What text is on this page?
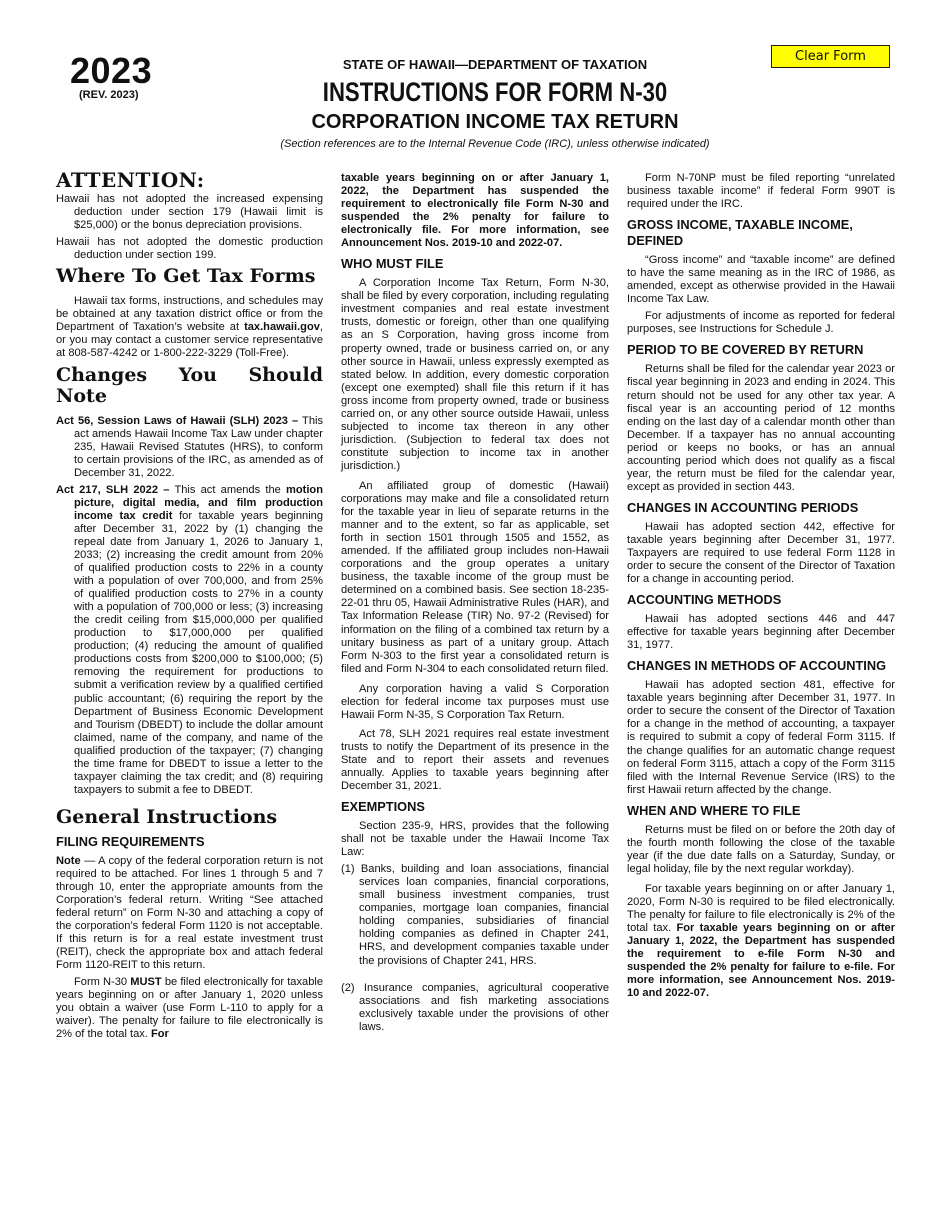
2023
(REV. 2023)
STATE OF HAWAII—DEPARTMENT OF TAXATION
INSTRUCTIONS FOR FORM N-30
CORPORATION INCOME TAX RETURN
(Section references are to the Internal Revenue Code (IRC), unless otherwise indicated)
Clear Form
ATTENTION:
Hawaii has not adopted the increased expensing deduction under section 179 (Hawaii limit is $25,000) or the bonus depreciation provisions.
Hawaii has not adopted the domestic production deduction under section 199.
Where To Get Tax Forms
Hawaii tax forms, instructions, and schedules may be obtained at any taxation district office or from the Department of Taxation’s website at tax.hawaii.gov, or you may contact a customer service representative at 808-587-4242 or 1-800-222-3229 (Toll-Free).
Changes You Should Note
Act 56, Session Laws of Hawaii (SLH) 2023 – This act amends Hawaii Income Tax Law under chapter 235, Hawaii Revised Statutes (HRS), to conform to certain provisions of the IRC, as amended as of December 31, 2022.
Act 217, SLH 2022 – This act amends the motion picture, digital media, and film production income tax credit for taxable years beginning after December 31, 2022 by (1) changing the repeal date from January 1, 2026 to January 1, 2033; (2) increasing the credit amount from 20% of qualified production costs to 22% in a county with a population of over 700,000, and from 25% of qualified production costs to 27% in a county with a population of 700,000 or less; (3) increasing the credit ceiling from $15,000,000 per qualified production to $17,000,000 per qualified production; (4) reducing the amount of qualified productions costs from $200,000 to $100,000; (5) removing the requirement for productions to submit a verification review by a qualified certified public accountant; (6) requiring the report by the Department of Business Economic Development and Tourism (DBEDT) to include the dollar amount claimed, name of the company, and name of the qualified production of the taxpayer; (7) changing the time frame for DBEDT to issue a letter to the taxpayer claiming the tax credit; and (8) requiring taxpayers to submit a fee to DBEDT.
General Instructions
FILING REQUIREMENTS
Note — A copy of the federal corporation return is not required to be attached. For lines 1 through 5 and 7 through 10, enter the appropriate amounts from the Corporation’s federal return. Writing “See attached federal return” on Form N-30 and attaching a copy of the corporation’s federal Form 1120 is not acceptable. If this return is for a real estate investment trust (REIT), check the appropriate box and attach federal Form 1120-REIT to this return.
Form N-30 MUST be filed electronically for taxable years beginning on or after January 1, 2020 unless you obtain a waiver (use Form L-110 to apply for a waiver). The penalty for failure to file electronically is 2% of the total tax. For
taxable years beginning on or after January 1, 2022, the Department has suspended the requirement to electronically file Form N-30 and suspended the 2% penalty for failure to electronically file. For more information, see Announcement Nos. 2019-10 and 2022-07.
WHO MUST FILE
A Corporation Income Tax Return, Form N-30, shall be filed by every corporation, including regulating investment companies and real estate investment trusts, domestic or foreign, other than one qualifying as an S Corporation, having gross income from property owned, trade or business carried on, or any other source in Hawaii, unless expressly exempted as stated below. In addition, every domestic corporation (except one exempted) shall file this return if it has gross income from property owned, trade or business carried on, or any other source outside Hawaii, unless subjected to income tax thereon in any other jurisdiction. (Subjection to federal tax does not constitute subjection to income tax in another jurisdiction.)
An affiliated group of domestic (Hawaii) corporations may make and file a consolidated return for the taxable year in lieu of separate returns in the manner and to the extent, so far as applicable, set forth in section 1501 through 1505 and 1552, as amended. If the affiliated group includes non-Hawaii corporations and the group operates a unitary business, the taxable income of the group must be determined on a combined basis. See section 18-235-22-01 thru 05, Hawaii Administrative Rules (HAR), and Tax Information Release (TIR) No. 97-2 (Revised) for information on the filing of a combined tax return by a unitary business as part of a unitary group. Attach Form N-303 to the first year a consolidated return is filed and Form N-304 to each consolidated return filed.
Any corporation having a valid S Corporation election for federal income tax purposes must use Hawaii Form N-35, S Corporation Tax Return.
Act 78, SLH 2021 requires real estate investment trusts to notify the Department of its presence in the State and to report their assets and revenues annually. Applies to taxable years beginning after December 31, 2021.
EXEMPTIONS
Section 235-9, HRS, provides that the following shall not be taxable under the Hawaii Income Tax Law:
(1) Banks, building and loan associations, financial services loan companies, financial corporations, small business investment companies, trust companies, mortgage loan companies, financial holding companies, subsidiaries of financial holding companies as defined in Chapter 241, HRS, and development companies taxable under the provisions of Chapter 241, HRS.
(2) Insurance companies, agricultural cooperative associations and fish marketing associations exclusively taxable under the provisions of other laws.
Form N-70NP must be filed reporting “unrelated business taxable income” if federal Form 990T is required under the IRC.
GROSS INCOME, TAXABLE INCOME, DEFINED
“Gross income” and “taxable income” are defined to have the same meaning as in the IRC of 1986, as amended, except as otherwise provided in the Hawaii Income Tax Law.
For adjustments of income as reported for federal purposes, see Instructions for Schedule J.
PERIOD TO BE COVERED BY RETURN
Returns shall be filed for the calendar year 2023 or fiscal year beginning in 2023 and ending in 2024. This return should not be used for any other tax year. A fiscal year is an accounting period of 12 months ending on the last day of a calendar month other than December. If a taxpayer has no annual accounting period or keeps no books, or has an annual accounting period which does not qualify as a fiscal year, the return must be filed for the calendar year, except as provided in section 443.
CHANGES IN ACCOUNTING PERIODS
Hawaii has adopted section 442, effective for taxable years beginning after December 31, 1977. Taxpayers are required to use federal Form 1128 in order to secure the consent of the Director of Taxation for a change in accounting period.
ACCOUNTING METHODS
Hawaii has adopted sections 446 and 447 effective for taxable years beginning after December 31, 1977.
CHANGES IN METHODS OF ACCOUNTING
Hawaii has adopted section 481, effective for taxable years beginning after December 31, 1977. In order to secure the consent of the Director of Taxation for a change in the method of accounting, a taxpayer is required to submit a copy of federal Form 3115. If the change qualifies for an automatic change request on federal Form 3115, attach a copy of the Form 3115 filed with the Internal Revenue Service (IRS) to the first Hawaii return affected by the change.
WHEN AND WHERE TO FILE
Returns must be filed on or before the 20th day of the fourth month following the close of the taxable year (if the due date falls on a Saturday, Sunday, or legal holiday, file by the next regular workday).
For taxable years beginning on or after January 1, 2020, Form N-30 is required to be filed electronically. The penalty for failure to file electronically is 2% of the total tax. For taxable years beginning on or after January 1, 2022, the Department has suspended the requirement to e-file Form N-30 and suspended the 2% penalty for failure to e-file. For more information, see Announcement Nos. 2019-10 and 2022-07.
